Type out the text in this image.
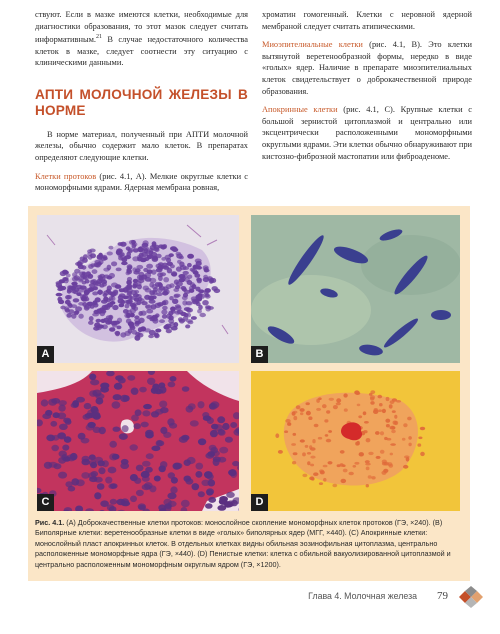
ствуют. Если в мазке имеются клетки, необходимые для диагностики образования, то этот мазок следует считать информативным.$^{21}$ В случае недостаточного количества клеток в мазке, следует соотнести эту ситуацию с клиническими данными.

АПТИ МОЛОЧНОЙ ЖЕЛЕЗЫ В НОРМЕ

В норме материал, полученный при АПТИ молочной железы, обычно содержит мало клеток. В препаратах определяют следующие клетки.

Клетки протоков (рис. 4.1, A). Мелкие округлые клетки с мономорфными ядрами. Ядерная мембрана ровная,

хроматин гомогенный. Клетки с неровной ядерной мембраной следует считать атипическими.

Миоэпителиальные клетки (рис. 4.1, B). Это клетки вытянутой веретенообразной формы, нередко в виде «голых» ядер. Наличие в препарате миоэпителиальных клеток свидетельствует о доброкачественной природе образования.

Апокринные клетки (рис. 4.1, C). Крупные клетки с большой зернистой цитоплазмой и центрально или эксцентрически расположенными мономорфными округлыми ядрами. Эти клетки обычно обнаруживают при кистозно-фиброзной мастопатии или фиброаденоме.

A	B
C	D
Рис. 4.1. (A) Доброкачественные клетки протоков: монослойное скопление мономорфных клеток протоков (ГЭ, ×240). (B) Биполярные клетки: веретенообразные клетки в виде «голых» биполярных ядер (МГГ, ×440). (C) Апокринные клетки: монослойный пласт апокринных клеток. В отдельных клетках видны обильная эозинофильная цитоплазма, центрально расположенные мономорфные ядра (ГЭ, ×440). (D) Пенистые клетки: клетка с обильной вакуолизированной цитоплазмой и центрально расположенным мономорфным округлым ядром (ГЭ, ×1200).
Глава 4. Молочная железа 79
